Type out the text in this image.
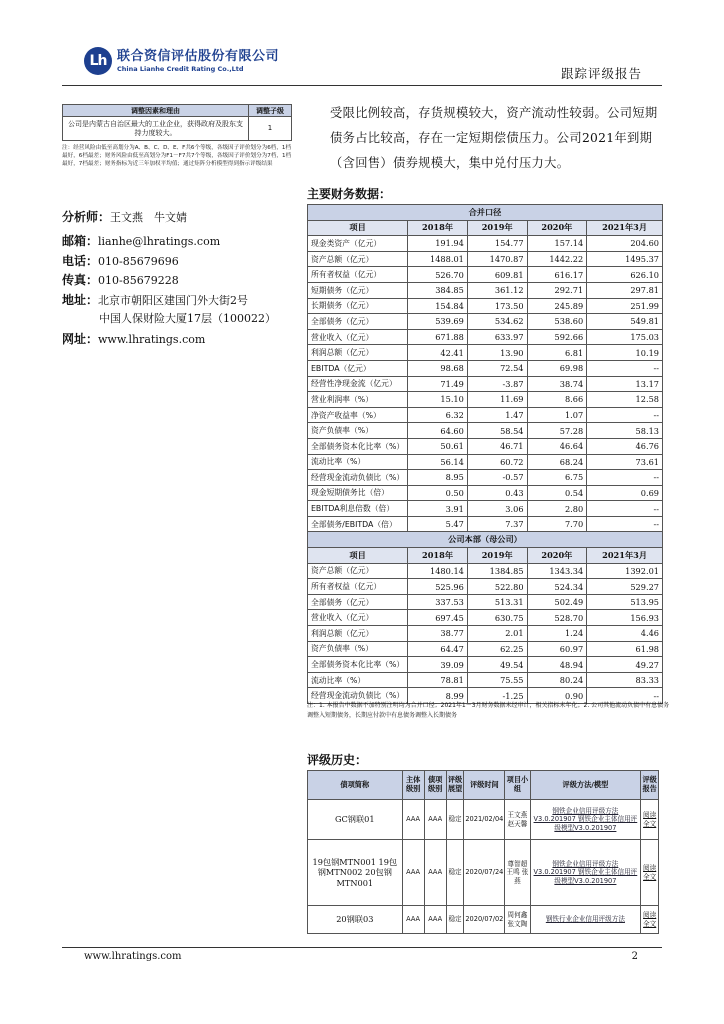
Lh 联合资信评估股份有限公司
China Lianhe Credit Rating Co.,Ltd	跟踪评级报告
调整因素和理由	调整子级
公司是内蒙古自治区最大的工业企业，获得政府及股东支持力度较大。	1
注：经营风险由低至高划分为A、B、C、D、E、F共6个等级，各级因子评价划分为6档，1档最好，6档最差；财务风险由低至高划分为F1－F7共7个等级，各级因子评价划分为7档，1档最好，7档最差；财务指标为近三年加权平均值；通过矩阵分析模型得到指示评级结果
分析师： 王文燕　牛文婧
邮箱： lianhe@lhratings.com
电话： 010-85679696
传真： 010-85679228
地址： 北京市朝阳区建国门外大街2号
中国人保财险大厦17层（100022）
网址： www.lhratings.com
受限比例较高，存货规模较大，资产流动性较弱。公司短期债务占比较高，存在一定短期偿债压力。公司2021年到期（含回售）债券规模大，集中兑付压力大。
主要财务数据：
合并口径				
项目	2018年	2019年	2020年	2021年3月
现金类资产（亿元）	191.94	154.77	157.14	204.60
资产总额（亿元）	1488.01	1470.87	1442.22	1495.37
所有者权益（亿元）	526.70	609.81	616.17	626.10
短期债务（亿元）	384.85	361.12	292.71	297.81
长期债务（亿元）	154.84	173.50	245.89	251.99
全部债务（亿元）	539.69	534.62	538.60	549.81
营业收入（亿元）	671.88	633.97	592.66	175.03
利润总额（亿元）	42.41	13.90	6.81	10.19
EBITDA（亿元）	98.68	72.54	69.98	--
经营性净现金流（亿元）	71.49	-3.87	38.74	13.17
营业利润率（%）	15.10	11.69	8.66	12.58
净资产收益率（%）	6.32	1.47	1.07	--
资产负债率（%）	64.60	58.54	57.28	58.13
全部债务资本化比率（%）	50.61	46.71	46.64	46.76
流动比率（%）	56.14	60.72	68.24	73.61
经营现金流动负债比（%）	8.95	-0.57	6.75	--
现金短期债务比（倍）	0.50	0.43	0.54	0.69
EBITDA利息倍数（倍）	3.91	3.06	2.80	--
全部债务/EBITDA（倍）	5.47	7.37	7.70	--
公司本部（母公司）				
项目	2018年	2019年	2020年	2021年3月
资产总额（亿元）	1480.14	1384.85	1343.34	1392.01
所有者权益（亿元）	525.96	522.80	524.34	529.27
全部债务（亿元）	337.53	513.31	502.49	513.95
营业收入（亿元）	697.45	630.75	528.70	156.93
利润总额（亿元）	38.77	2.01	1.24	4.46
资产负债率（%）	64.47	62.25	60.97	61.98
全部债务资本化比率（%）	39.09	49.54	48.94	49.27
流动比率（%）	78.81	75.55	80.24	83.33
经营现金流动负债比（%）	8.99	-1.25	0.90	--
注：1. 本报告中数据不加特别注明均为合并口径；2021年1－3月财务数据未经审计，相关指标未年化；2. 公司其他流动负债中有息债务调整入短期债务，长期应付款中有息债务调整入长期债务
评级历史：
债项简称	主体级别	债项级别	评级展望	评级时间	项目小组	评级方法/模型	评级报告
GC钢联01	AAA	AAA	稳定	2021/02/04	王文燕 赵天馨	钢铁企业信用评级方法V3.0.201907 钢铁企业主体信用评级模型V3.0.201907	阅读全文
19包钢MTN001 19包钢MTN002 20包钢MTN001	AAA	AAA	稳定	2020/07/24	尊智超 王鸣 张燕	钢铁企业信用评级方法V3.0.201907 钢铁企业主体信用评级模型V3.0.201907	阅读全文
20钢联03	AAA	AAA	稳定	2020/07/02	周何鑫 张文陶	钢铁行业企业信用评级方法	阅读全文
www.lhratings.com	2
